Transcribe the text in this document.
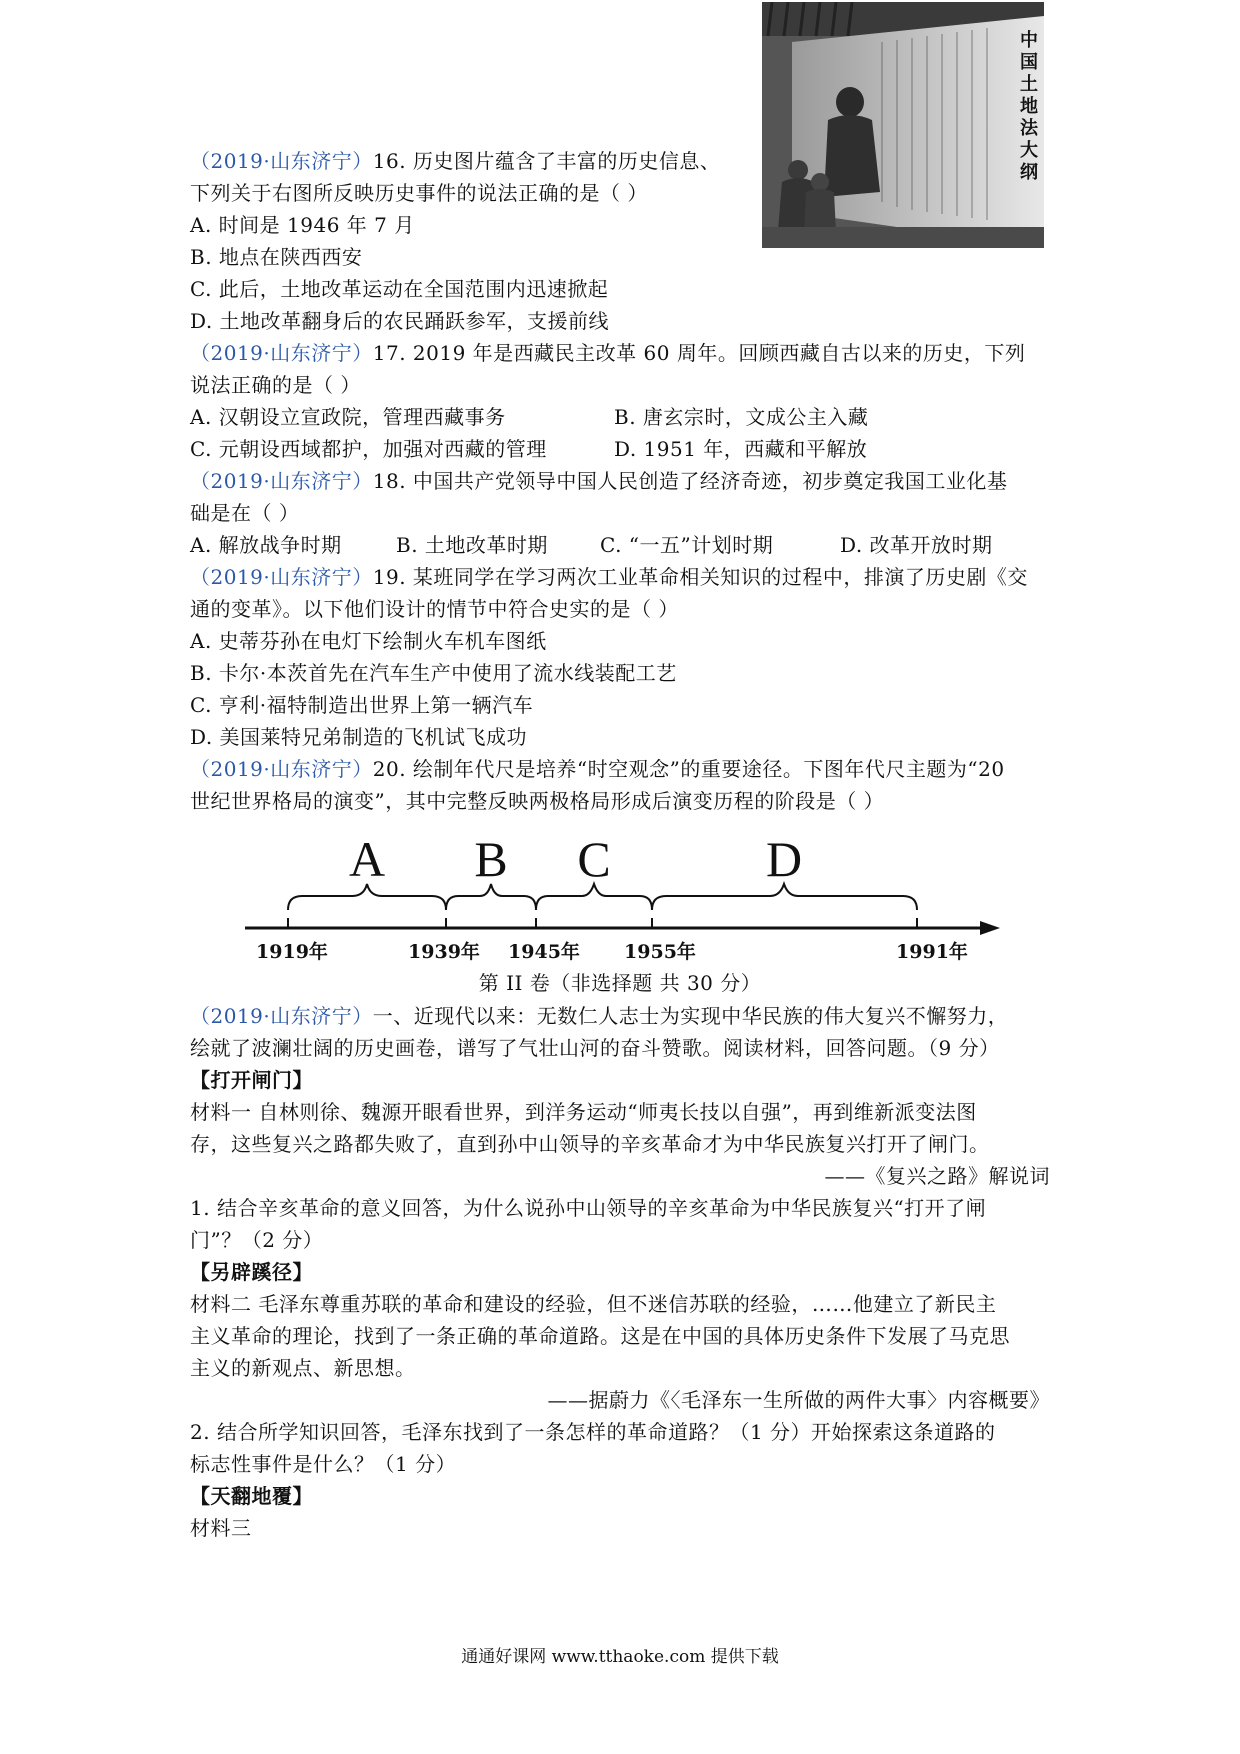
中国土地法大纲
（2019·山东济宁）16. 历史图片蕴含了丰富的历史信息、
下列关于右图所反映历史事件的说法正确的是（ ）
A. 时间是 1946 年 7 月
B. 地点在陕西西安
C. 此后，土地改革运动在全国范围内迅速掀起
D. 土地改革翻身后的农民踊跃参军，支援前线
（2019·山东济宁）17. 2019 年是西藏民主改革 60 周年。回顾西藏自古以来的历史，下列
说法正确的是（ ）
A. 汉朝设立宣政院，管理西藏事务	B. 唐玄宗时，文成公主入藏
C. 元朝设西域都护，加强对西藏的管理	D. 1951 年，西藏和平解放
（2019·山东济宁）18. 中国共产党领导中国人民创造了经济奇迹，初步奠定我国工业化基
础是在（ ）
A. 解放战争时期	B. 土地改革时期	C. “一五”计划时期	D. 改革开放时期
（2019·山东济宁）19. 某班同学在学习两次工业革命相关知识的过程中，排演了历史剧《交
通的变革》。以下他们设计的情节中符合史实的是（ ）
A. 史蒂芬孙在电灯下绘制火车机车图纸
B. 卡尔·本茨首先在汽车生产中使用了流水线装配工艺
C. 亨利·福特制造出世界上第一辆汽车
D. 美国莱特兄弟制造的飞机试飞成功
（2019·山东济宁）20. 绘制年代尺是培养“时空观念”的重要途径。下图年代尺主题为“20
世纪世界格局的演变”，其中完整反映两极格局形成后演变历程的阶段是（ ）
A B C	D
1919年	1939年 1945年 1955年	1991年
第 II 卷（非选择题 共 30 分）
（2019·山东济宁）一、近现代以来：无数仁人志士为实现中华民族的伟大复兴不懈努力，
绘就了波澜壮阔的历史画卷，谱写了气壮山河的奋斗赞歌。阅读材料，回答问题。（9 分）
【打开闸门】
材料一 自林则徐、魏源开眼看世界，到洋务运动“师夷长技以自强”，再到维新派变法图
存，这些复兴之路都失败了，直到孙中山领导的辛亥革命才为中华民族复兴打开了闸门。
——《复兴之路》解说词
1. 结合辛亥革命的意义回答，为什么说孙中山领导的辛亥革命为中华民族复兴“打开了闸
门”？（2 分）
【另辟蹊径】
材料二 毛泽东尊重苏联的革命和建设的经验，但不迷信苏联的经验，……他建立了新民主
主义革命的理论，找到了一条正确的革命道路。这是在中国的具体历史条件下发展了马克思
主义的新观点、新思想。
——据蔚力《〈毛泽东一生所做的两件大事〉内容概要》
2. 结合所学知识回答，毛泽东找到了一条怎样的革命道路？（1 分）开始探索这条道路的
标志性事件是什么？（1 分）
【天翻地覆】
材料三
通通好课网 www.tthaoke.com 提供下载
